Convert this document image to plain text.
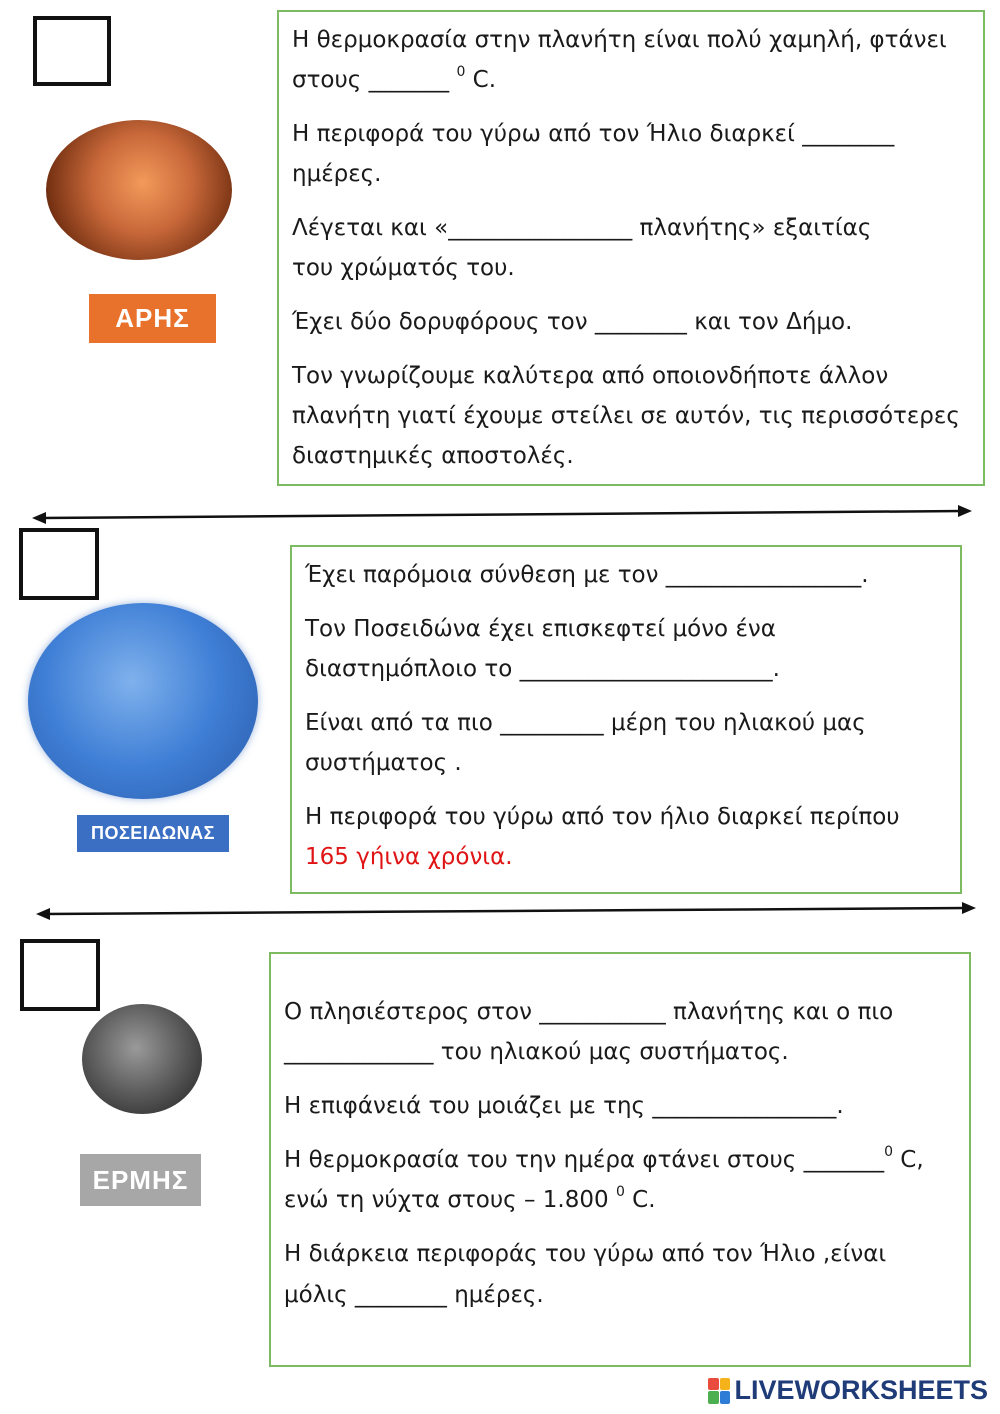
ΑΡΗΣ
Η θερμοκρασία στην πλανήτη είναι πολύ χαμηλή, φτάνει
στους _______ $^0$ C.
Η περιφορά του γύρω από τον Ήλιο διαρκεί ________
ημέρες.
Λέγεται και «________________ πλανήτης» εξαιτίας
του χρώματός του.
Έχει δύο δορυφόρους τον ________ και τον Δήμο.
Τον γνωρίζουμε καλύτερα από οποιονδήποτε άλλον
πλανήτη γιατί έχουμε στείλει σε αυτόν, τις περισσότερες
διαστημικές αποστολές.
ΠΟΣΕΙΔΩΝΑΣ
Έχει παρόμοια σύνθεση με τον _________________.
Τον Ποσειδώνα έχει επισκεφτεί μόνο ένα
διαστημόπλοιο το ______________________.
Είναι από τα πιο _________ μέρη του ηλιακού μας
συστήματος .
Η περιφορά του γύρω από τον ήλιο διαρκεί περίπου
165 γήινα χρόνια.
ΕΡΜΗΣ
Ο πλησιέστερος στον ___________ πλανήτης και ο πιο
_____________ του ηλιακού μας συστήματος.
Η επιφάνειά του μοιάζει με της ________________.
Η θερμοκρασία του την ημέρα φτάνει στους _______$^0$ C,
ενώ τη νύχτα στους – 1.800 $^0$ C.
Η διάρκεια περιφοράς του γύρω από τον Ήλιο ,είναι
μόλις ________ ημέρες.
LIVEWORKSHEETS
